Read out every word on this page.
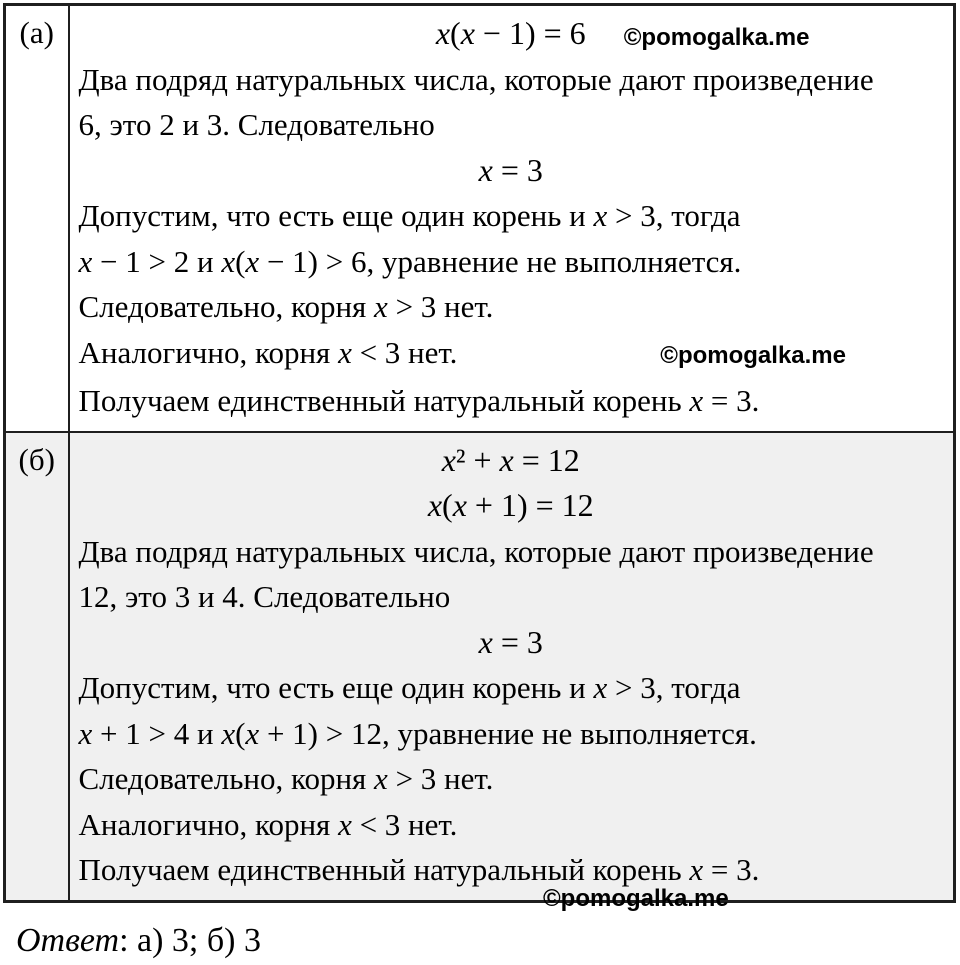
(а)	x(x − 1) = 6 ©pomogalka.me
Два подряд натуральных числа, которые дают произведение
6, это 2 и 3. Следовательно
x = 3
Допустим, что есть еще один корень и x > 3, тогда
x − 1 > 2 и x(x − 1) > 6, уравнение не выполняется.
Следовательно, корня x > 3 нет.
Аналогично, корня x < 3 нет.	©pomogalka.me
Получаем единственный натуральный корень x = 3.

(б)	x² + x = 12
x(x + 1) = 12
Два подряд натуральных числа, которые дают произведение
12, это 3 и 4. Следовательно
x = 3
Допустим, что есть еще один корень и x > 3, тогда
x + 1 > 4 и x(x + 1) > 12, уравнение не выполняется.
Следовательно, корня x > 3 нет.
Аналогично, корня x < 3 нет.
Получаем единственный натуральный корень x = 3.
©pomogalka.me
Ответ: а) 3; б) 3
